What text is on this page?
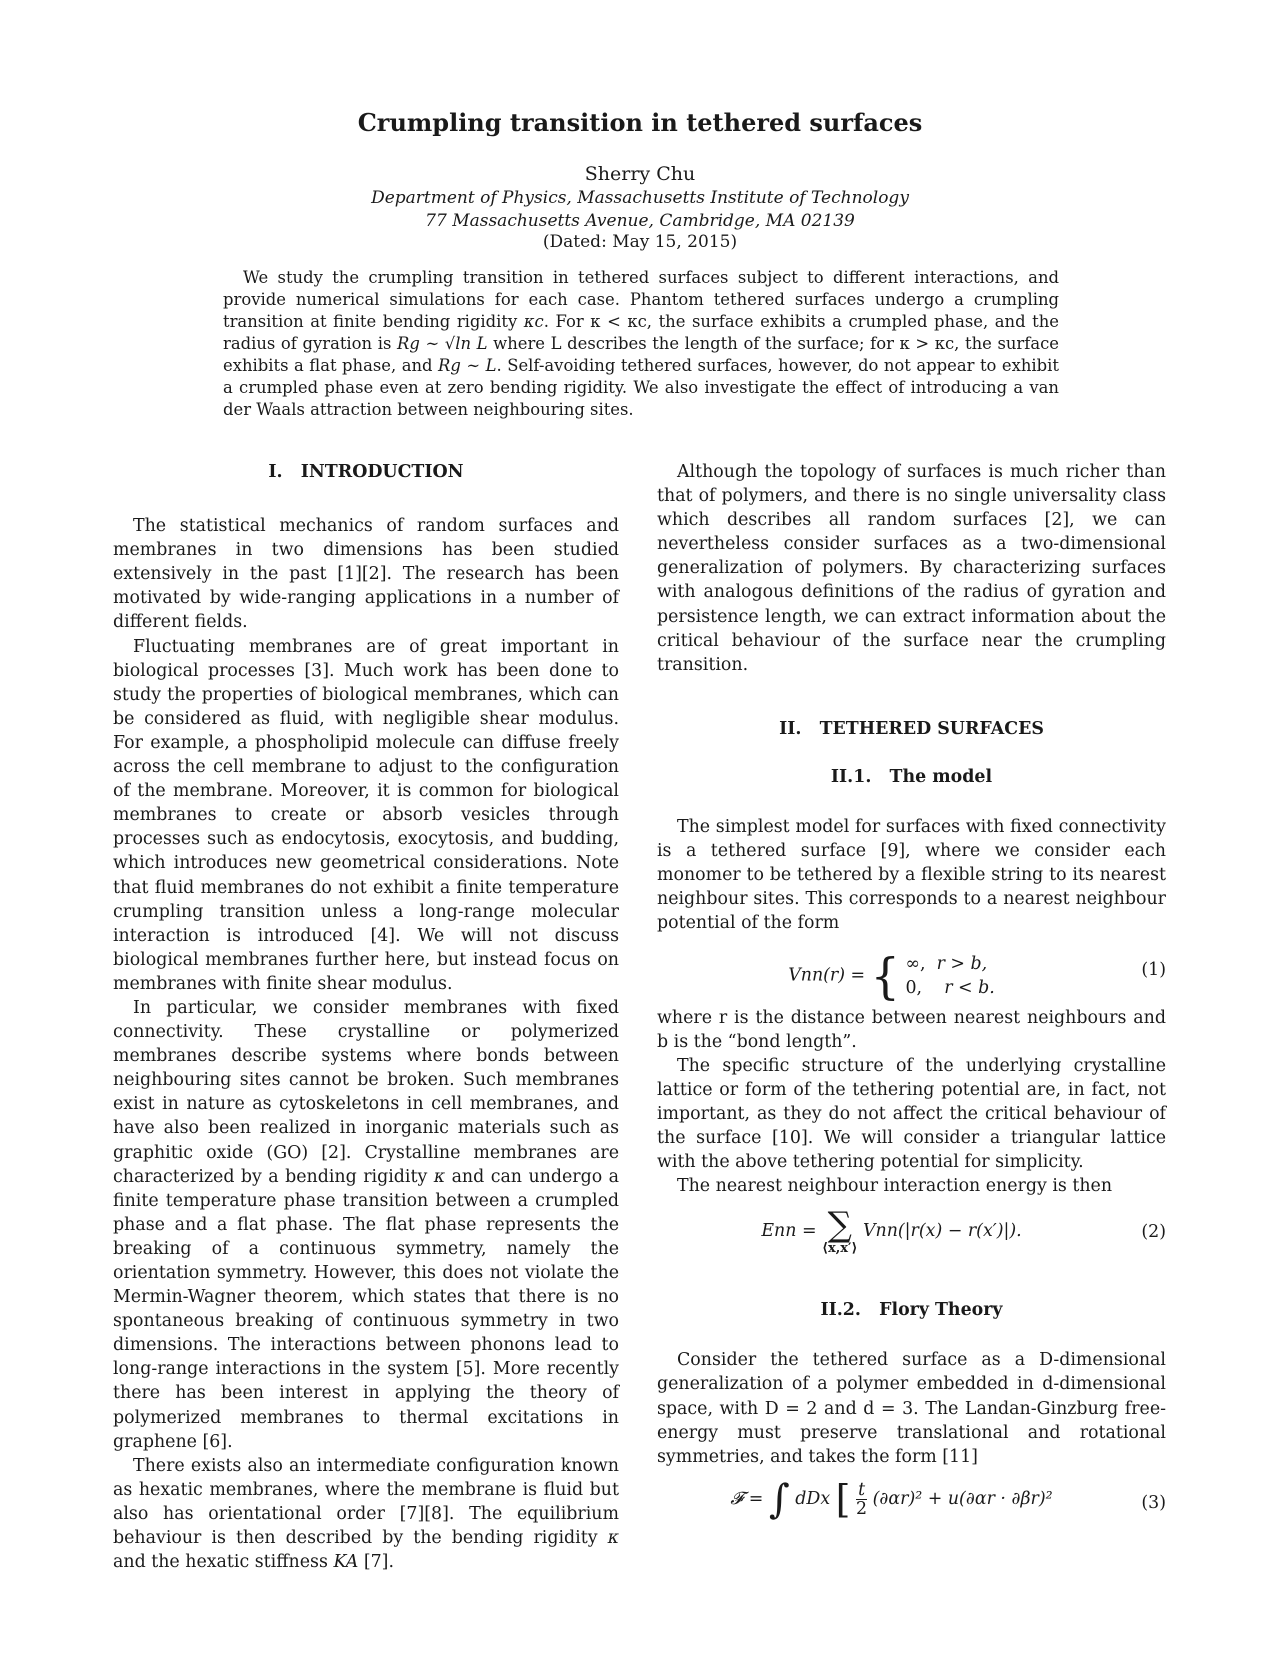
Crumpling transition in tethered surfaces
Sherry Chu
Department of Physics, Massachusetts Institute of Technology
77 Massachusetts Avenue, Cambridge, MA 02139
(Dated: May 15, 2015)
We study the crumpling transition in tethered surfaces subject to different interactions, and provide numerical simulations for each case. Phantom tethered surfaces undergo a crumpling transition at finite bending rigidity κc. For κ < κc, the surface exhibits a crumpled phase, and the radius of gyration is Rg ∼ √ln L where L describes the length of the surface; for κ > κc, the surface exhibits a flat phase, and Rg ∼ L. Self-avoiding tethered surfaces, however, do not appear to exhibit a crumpled phase even at zero bending rigidity. We also investigate the effect of introducing a van der Waals attraction between neighbouring sites.
I.   INTRODUCTION

The statistical mechanics of random surfaces and membranes in two dimensions has been studied extensively in the past [1][2]. The research has been motivated by wide-ranging applications in a number of different fields.

Fluctuating membranes are of great important in biological processes [3]. Much work has been done to study the properties of biological membranes, which can be considered as fluid, with negligible shear modulus. For example, a phospholipid molecule can diffuse freely across the cell membrane to adjust to the configuration of the membrane. Moreover, it is common for biological membranes to create or absorb vesicles through processes such as endocytosis, exocytosis, and budding, which introduces new geometrical considerations. Note that fluid membranes do not exhibit a finite temperature crumpling transition unless a long-range molecular interaction is introduced [4]. We will not discuss biological membranes further here, but instead focus on membranes with finite shear modulus.

In particular, we consider membranes with fixed connectivity. These crystalline or polymerized membranes describe systems where bonds between neighbouring sites cannot be broken. Such membranes exist in nature as cytoskeletons in cell membranes, and have also been realized in inorganic materials such as graphitic oxide (GO) [2]. Crystalline membranes are characterized by a bending rigidity κ and can undergo a finite temperature phase transition between a crumpled phase and a flat phase. The flat phase represents the breaking of a continuous symmetry, namely the orientation symmetry. However, this does not violate the Mermin-Wagner theorem, which states that there is no spontaneous breaking of continuous symmetry in two dimensions. The interactions between phonons lead to long-range interactions in the system [5]. More recently there has been interest in applying the theory of polymerized membranes to thermal excitations in graphene [6].

There exists also an intermediate configuration known as hexatic membranes, where the membrane is fluid but also has orientational order [7][8]. The equilibrium behaviour is then described by the bending rigidity κ and the hexatic stiffness KA [7].

Although the topology of surfaces is much richer than that of polymers, and there is no single universality class which describes all random surfaces [2], we can nevertheless consider surfaces as a two-dimensional generalization of polymers. By characterizing surfaces with analogous definitions of the radius of gyration and persistence length, we can extract information about the critical behaviour of the surface near the crumpling transition.

II.   TETHERED SURFACES
II.1.   The model

The simplest model for surfaces with fixed connectivity is a tethered surface [9], where we consider each monomer to be tethered by a flexible string to its nearest neighbour sites. This corresponds to a nearest neighbour potential of the form

Vnn(r) = { ∞, r > b,
0, r < b.
(1)

where r is the distance between nearest neighbours and b is the “bond length”.

The specific structure of the underlying crystalline lattice or form of the tethering potential are, in fact, not important, as they do not affect the critical behaviour of the surface [10]. We will consider a triangular lattice with the above tethering potential for simplicity.

The nearest neighbour interaction energy is then

Enn = ∑
⟨x,x′⟩
Vnn(|r(x) − r(x′)|).	(2)
II.2.   Flory Theory

Consider the tethered surface as a D-dimensional generalization of a polymer embedded in d-dimensional space, with D = 2 and d = 3. The Landan-Ginzburg free-energy must preserve translational and rotational symmetries, and takes the form [11]

𝓕 = ∫ dDx [ $\frac{t}{2} (\partial\alpha r)^2 + u(\partial\alpha r \cdot \partial\beta r)^2$	(3)
